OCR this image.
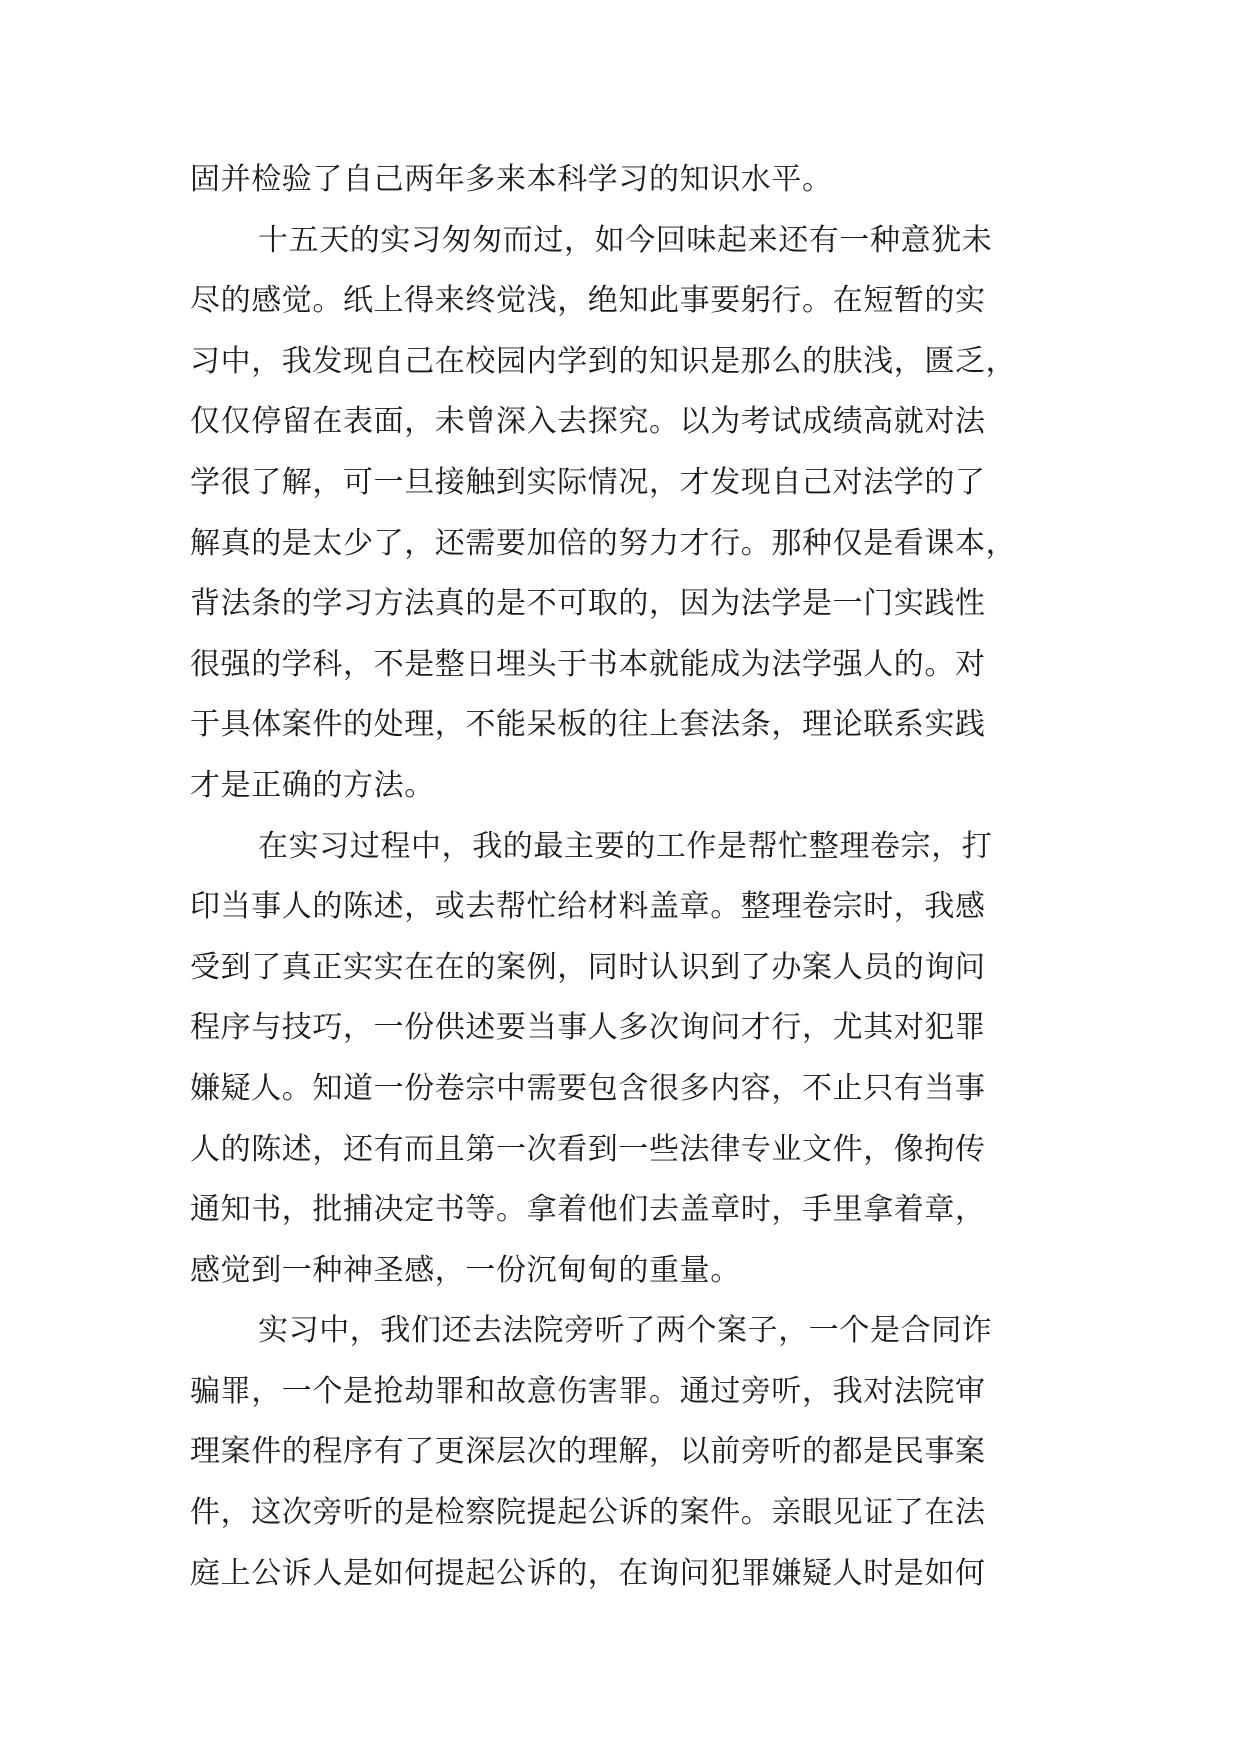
固并检验了自己两年多来本科学习的知识水平。
十五天的实习匆匆而过，如今回味起来还有一种意犹未
尽的感觉。纸上得来终觉浅，绝知此事要躬行。在短暂的实
习中，我发现自己在校园内学到的知识是那么的肤浅，匮乏，
仅仅停留在表面，未曾深入去探究。以为考试成绩高就对法
学很了解，可一旦接触到实际情况，才发现自己对法学的了
解真的是太少了，还需要加倍的努力才行。那种仅是看课本，
背法条的学习方法真的是不可取的，因为法学是一门实践性
很强的学科，不是整日埋头于书本就能成为法学强人的。对
于具体案件的处理，不能呆板的往上套法条，理论联系实践
才是正确的方法。
在实习过程中，我的最主要的工作是帮忙整理卷宗，打
印当事人的陈述，或去帮忙给材料盖章。整理卷宗时，我感
受到了真正实实在在的案例，同时认识到了办案人员的询问
程序与技巧，一份供述要当事人多次询问才行，尤其对犯罪
嫌疑人。知道一份卷宗中需要包含很多内容，不止只有当事
人的陈述，还有而且第一次看到一些法律专业文件，像拘传
通知书，批捕决定书等。拿着他们去盖章时，手里拿着章，
感觉到一种神圣感，一份沉甸甸的重量。
实习中，我们还去法院旁听了两个案子，一个是合同诈
骗罪，一个是抢劫罪和故意伤害罪。通过旁听，我对法院审
理案件的程序有了更深层次的理解，以前旁听的都是民事案
件，这次旁听的是检察院提起公诉的案件。亲眼见证了在法
庭上公诉人是如何提起公诉的，在询问犯罪嫌疑人时是如何
